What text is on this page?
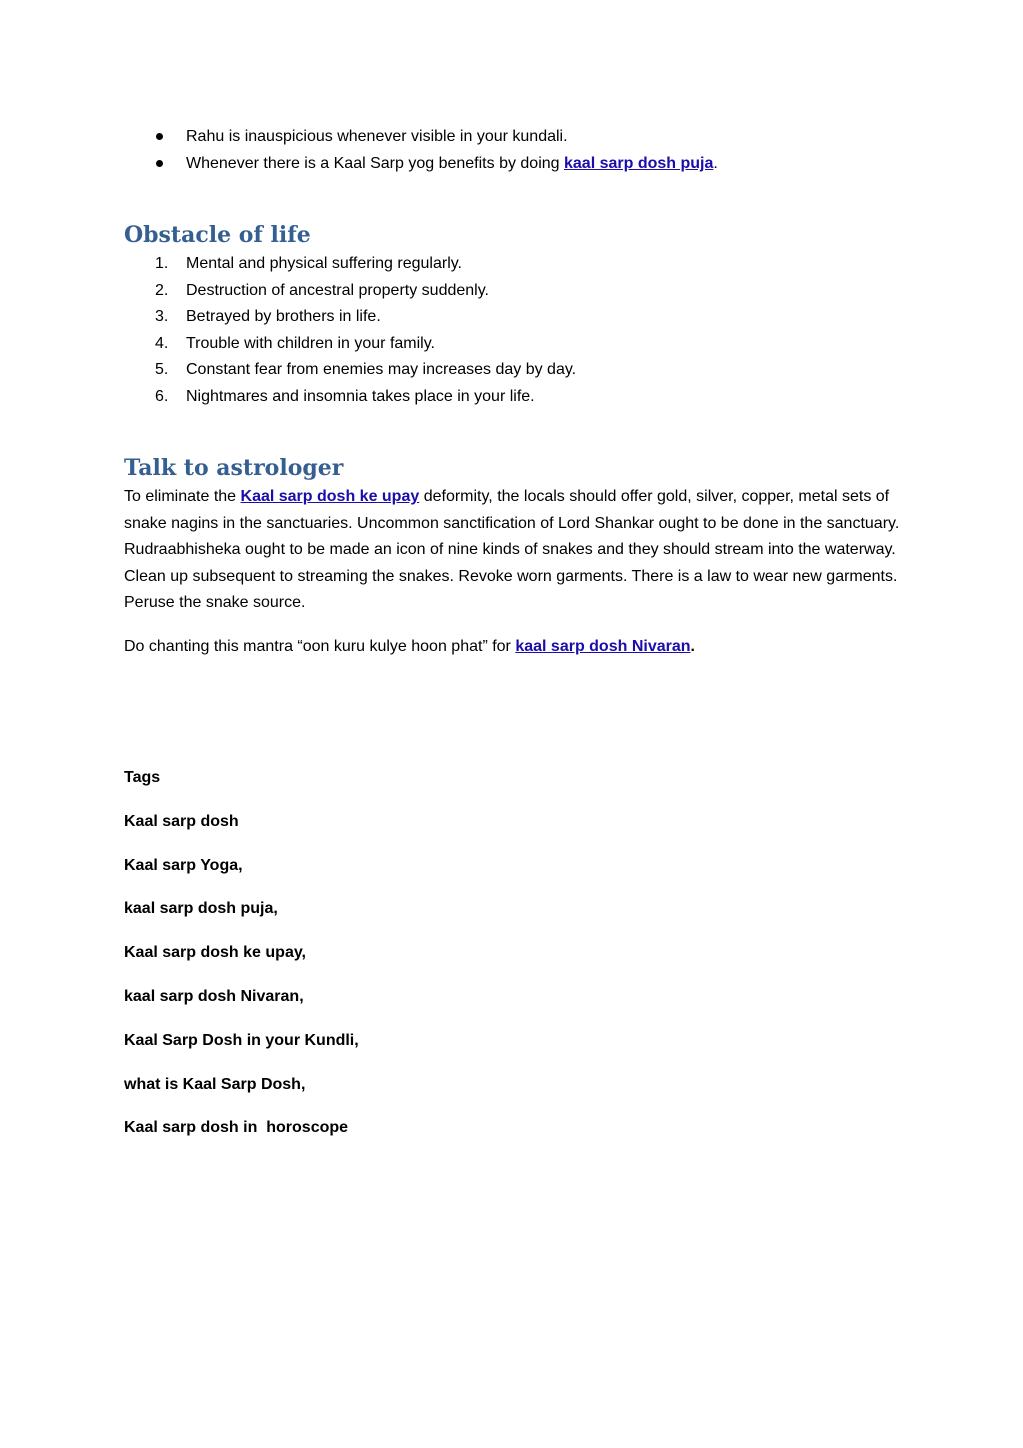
Rahu is inauspicious whenever visible in your kundali.
Whenever there is a Kaal Sarp yog benefits by doing kaal sarp dosh puja.
Obstacle of life
1. Mental and physical suffering regularly.
2. Destruction of ancestral property suddenly.
3. Betrayed by brothers in life.
4. Trouble with children in your family.
5. Constant fear from enemies may increases day by day.
6. Nightmares and insomnia takes place in your life.
Talk to astrologer

To eliminate the Kaal sarp dosh ke upay deformity, the locals should offer gold, silver, copper, metal sets of snake nagins in the sanctuaries. Uncommon sanctification of Lord Shankar ought to be done in the sanctuary. Rudraabhisheka ought to be made an icon of nine kinds of snakes and they should stream into the waterway. Clean up subsequent to streaming the snakes. Revoke worn garments. There is a law to wear new garments. Peruse the snake source.

Do chanting this mantra “oon kuru kulye hoon phat” for kaal sarp dosh Nivaran.

Tags
Kaal sarp dosh
Kaal sarp Yoga,
kaal sarp dosh puja,
Kaal sarp dosh ke upay,
kaal sarp dosh Nivaran,
Kaal Sarp Dosh in your Kundli,
what is Kaal Sarp Dosh,
Kaal sarp dosh in  horoscope
